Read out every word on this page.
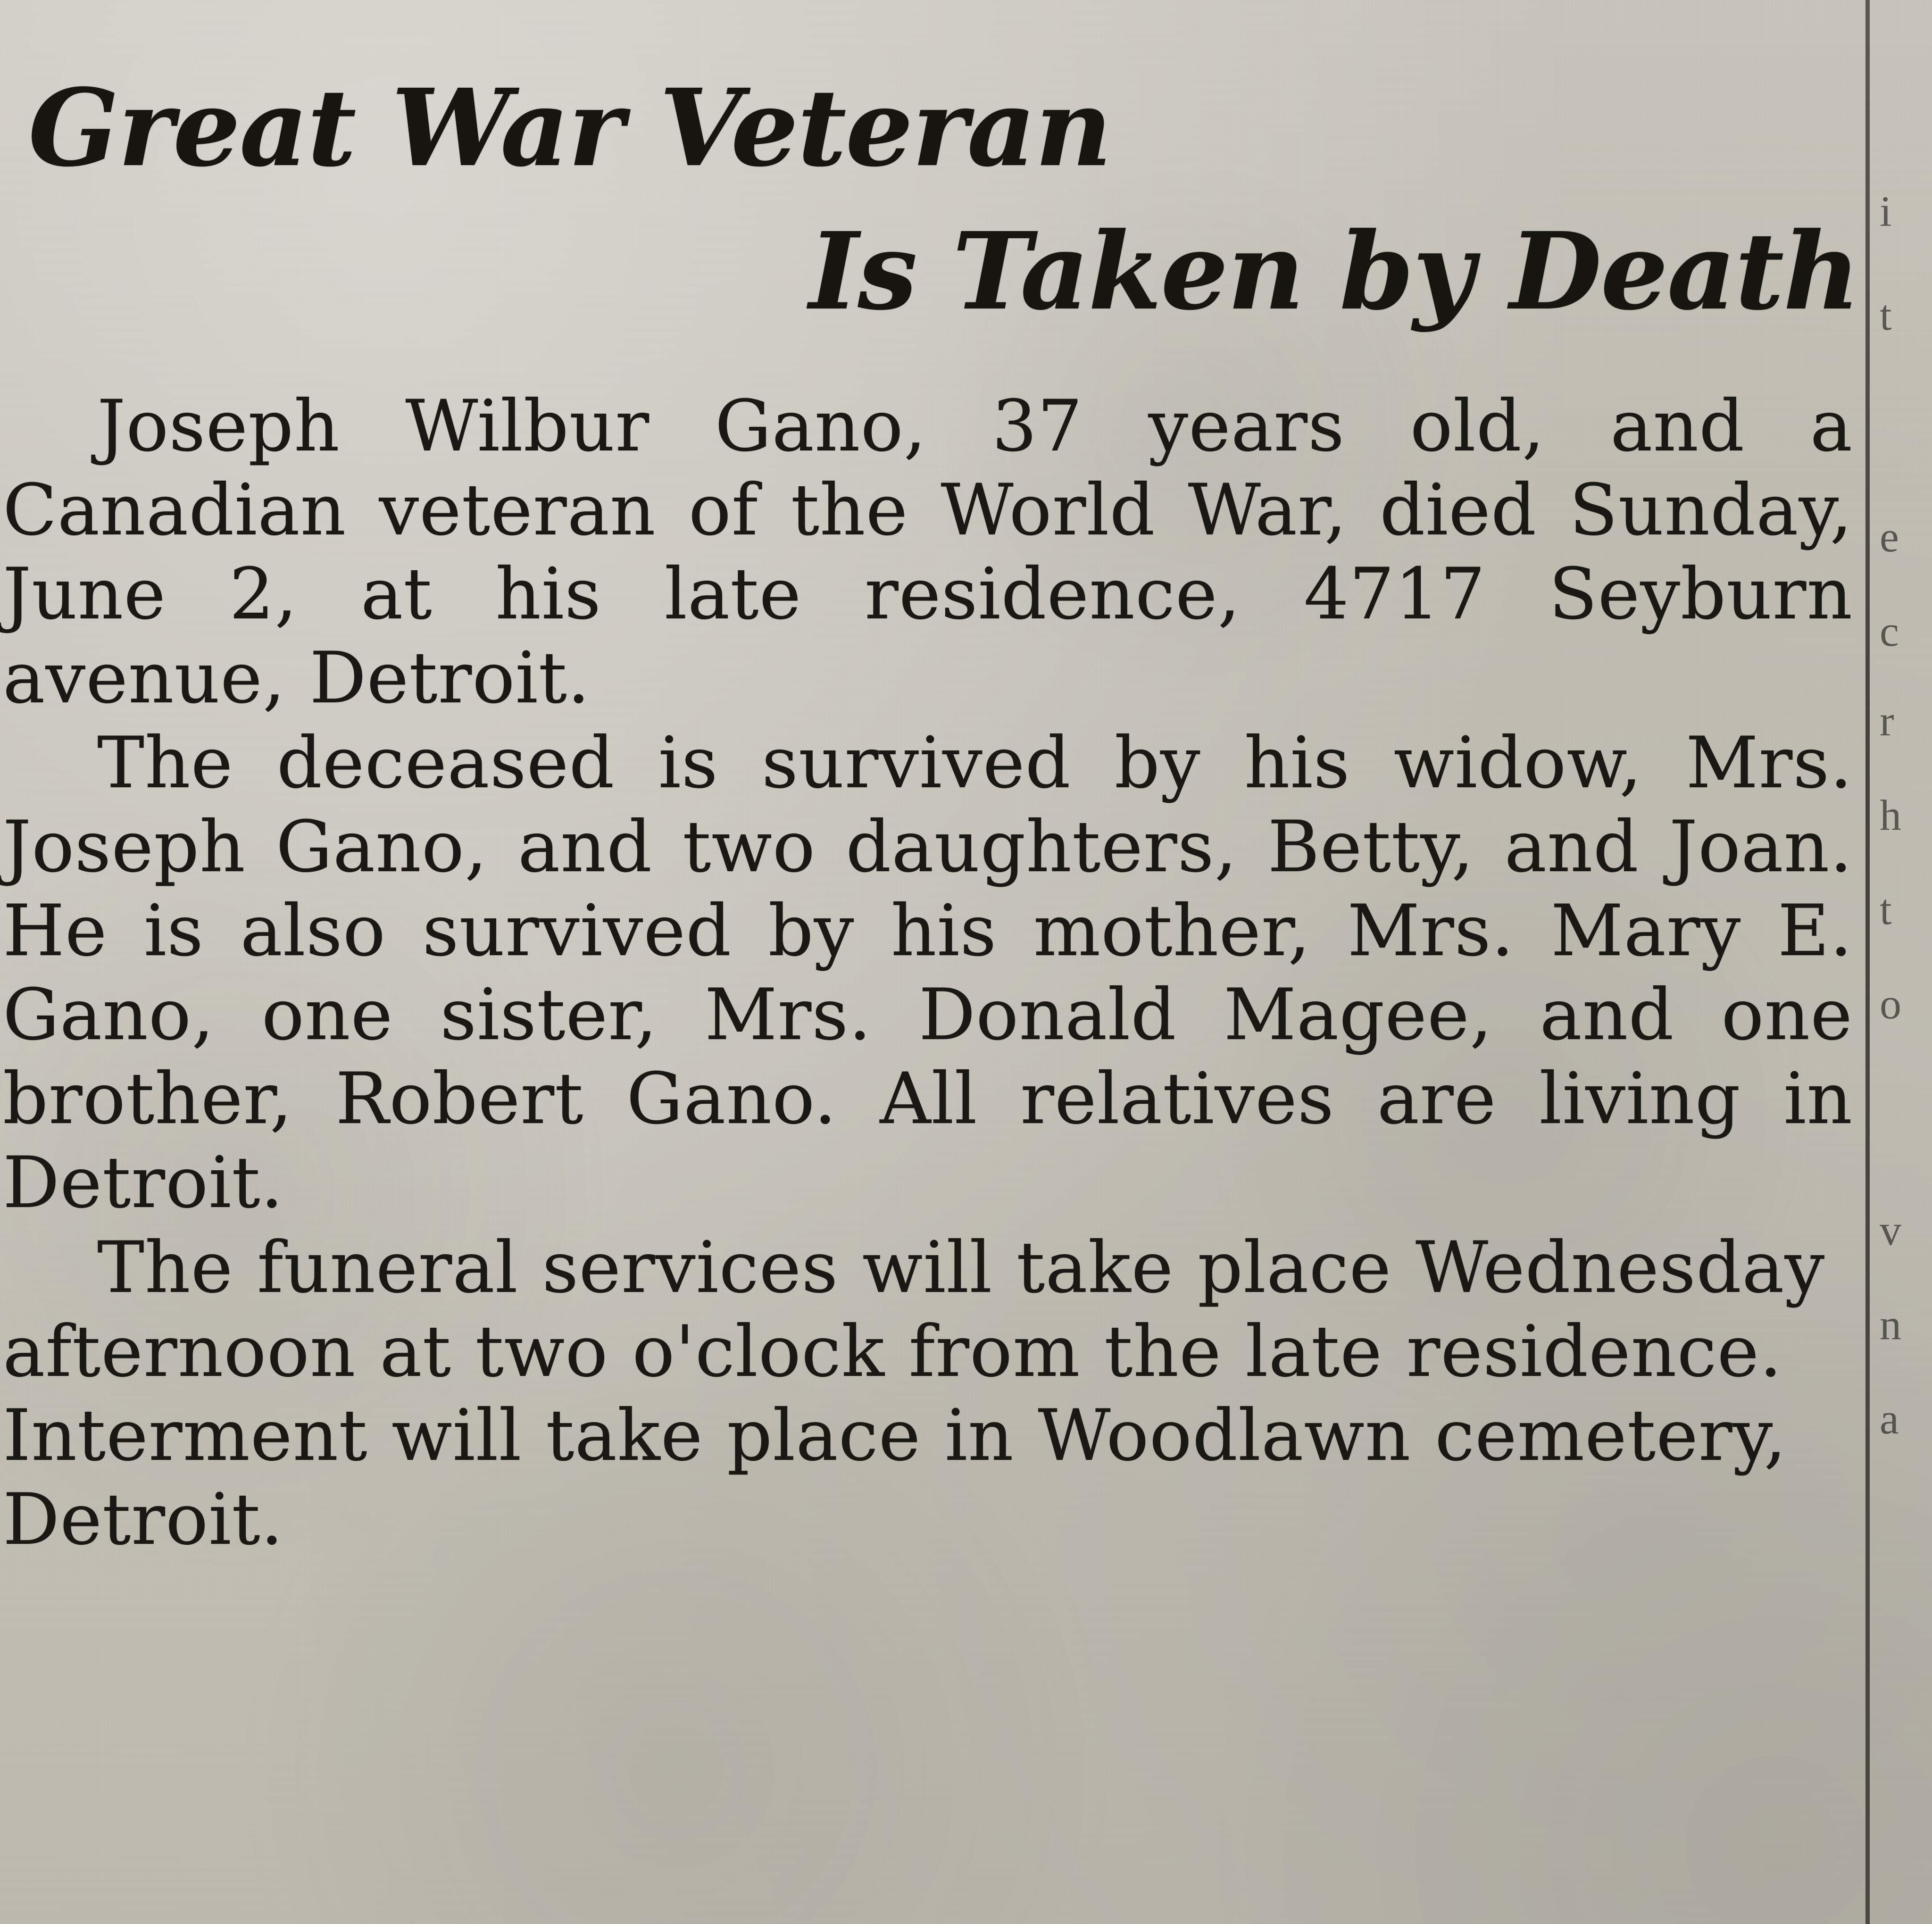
Great War Veteran
Is Taken by Death

Joseph Wilbur Gano, 37 years old, and a Canadian veteran of the World War, died Sunday, June 2, at his late residence, 4717 Seyburn avenue, Detroit.

The deceased is survived by his widow, Mrs. Joseph Gano, and two daughters, Betty, and Joan. He is also survived by his mother, Mrs. Mary E. Gano, one sister, Mrs. Donald Magee, and one brother, Robert Gano. All relatives are living in Detroit.

The funeral services will take place Wednesday afternoon at two o'clock from the late residence. Interment will take place in Woodlawn cemetery, Detroit.

i
t
e
c
r
h
t
o
v
n
a
